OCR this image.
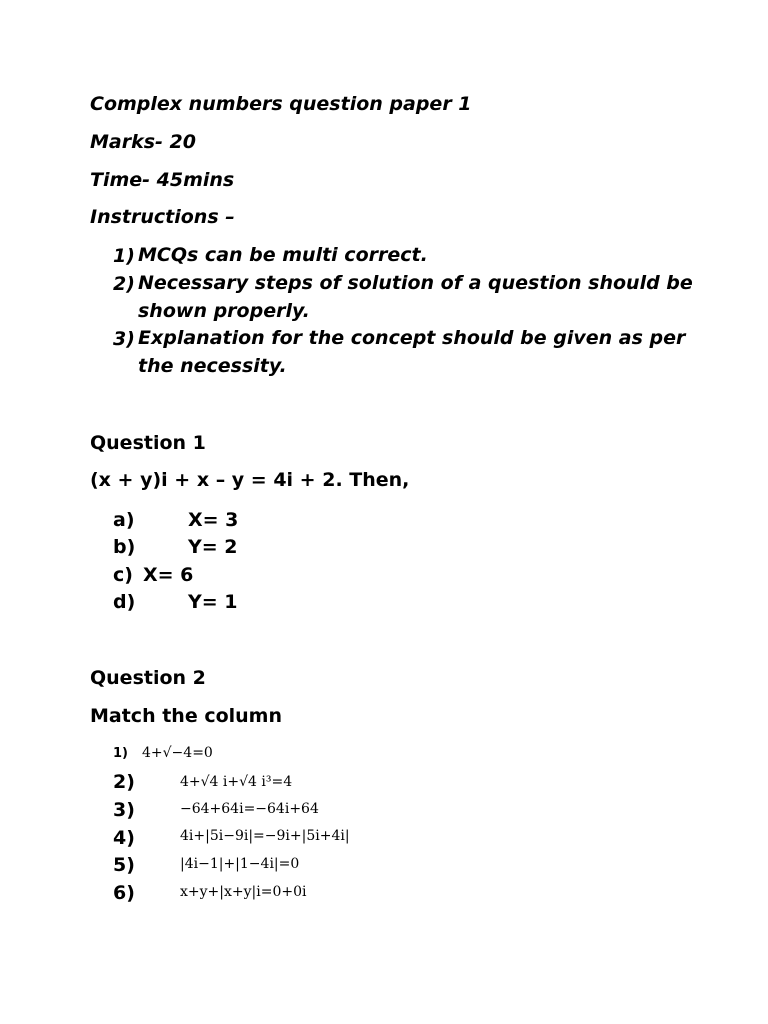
Complex numbers question paper 1
Marks- 20
Time- 45mins
Instructions –
1) MCQs can be multi correct.
2) Necessary steps of solution of a question should be shown properly.
3) Explanation for the concept should be given as per the necessity.
Question 1
(x + y)i + x – y = 4i + 2. Then,
a)	X= 3
b)	Y= 2
c) X= 6
d)	Y= 1
Question 2
Match the column
1) 4+√−4=0
2)	4+√4 i+√4 i³=4
3)	−64+64i=−64i+64
4)	4i+|5i−9i|=−9i+|5i+4i|
5)	|4i−1|+|1−4i|=0
6)	x+y+|x+y|i=0+0i
